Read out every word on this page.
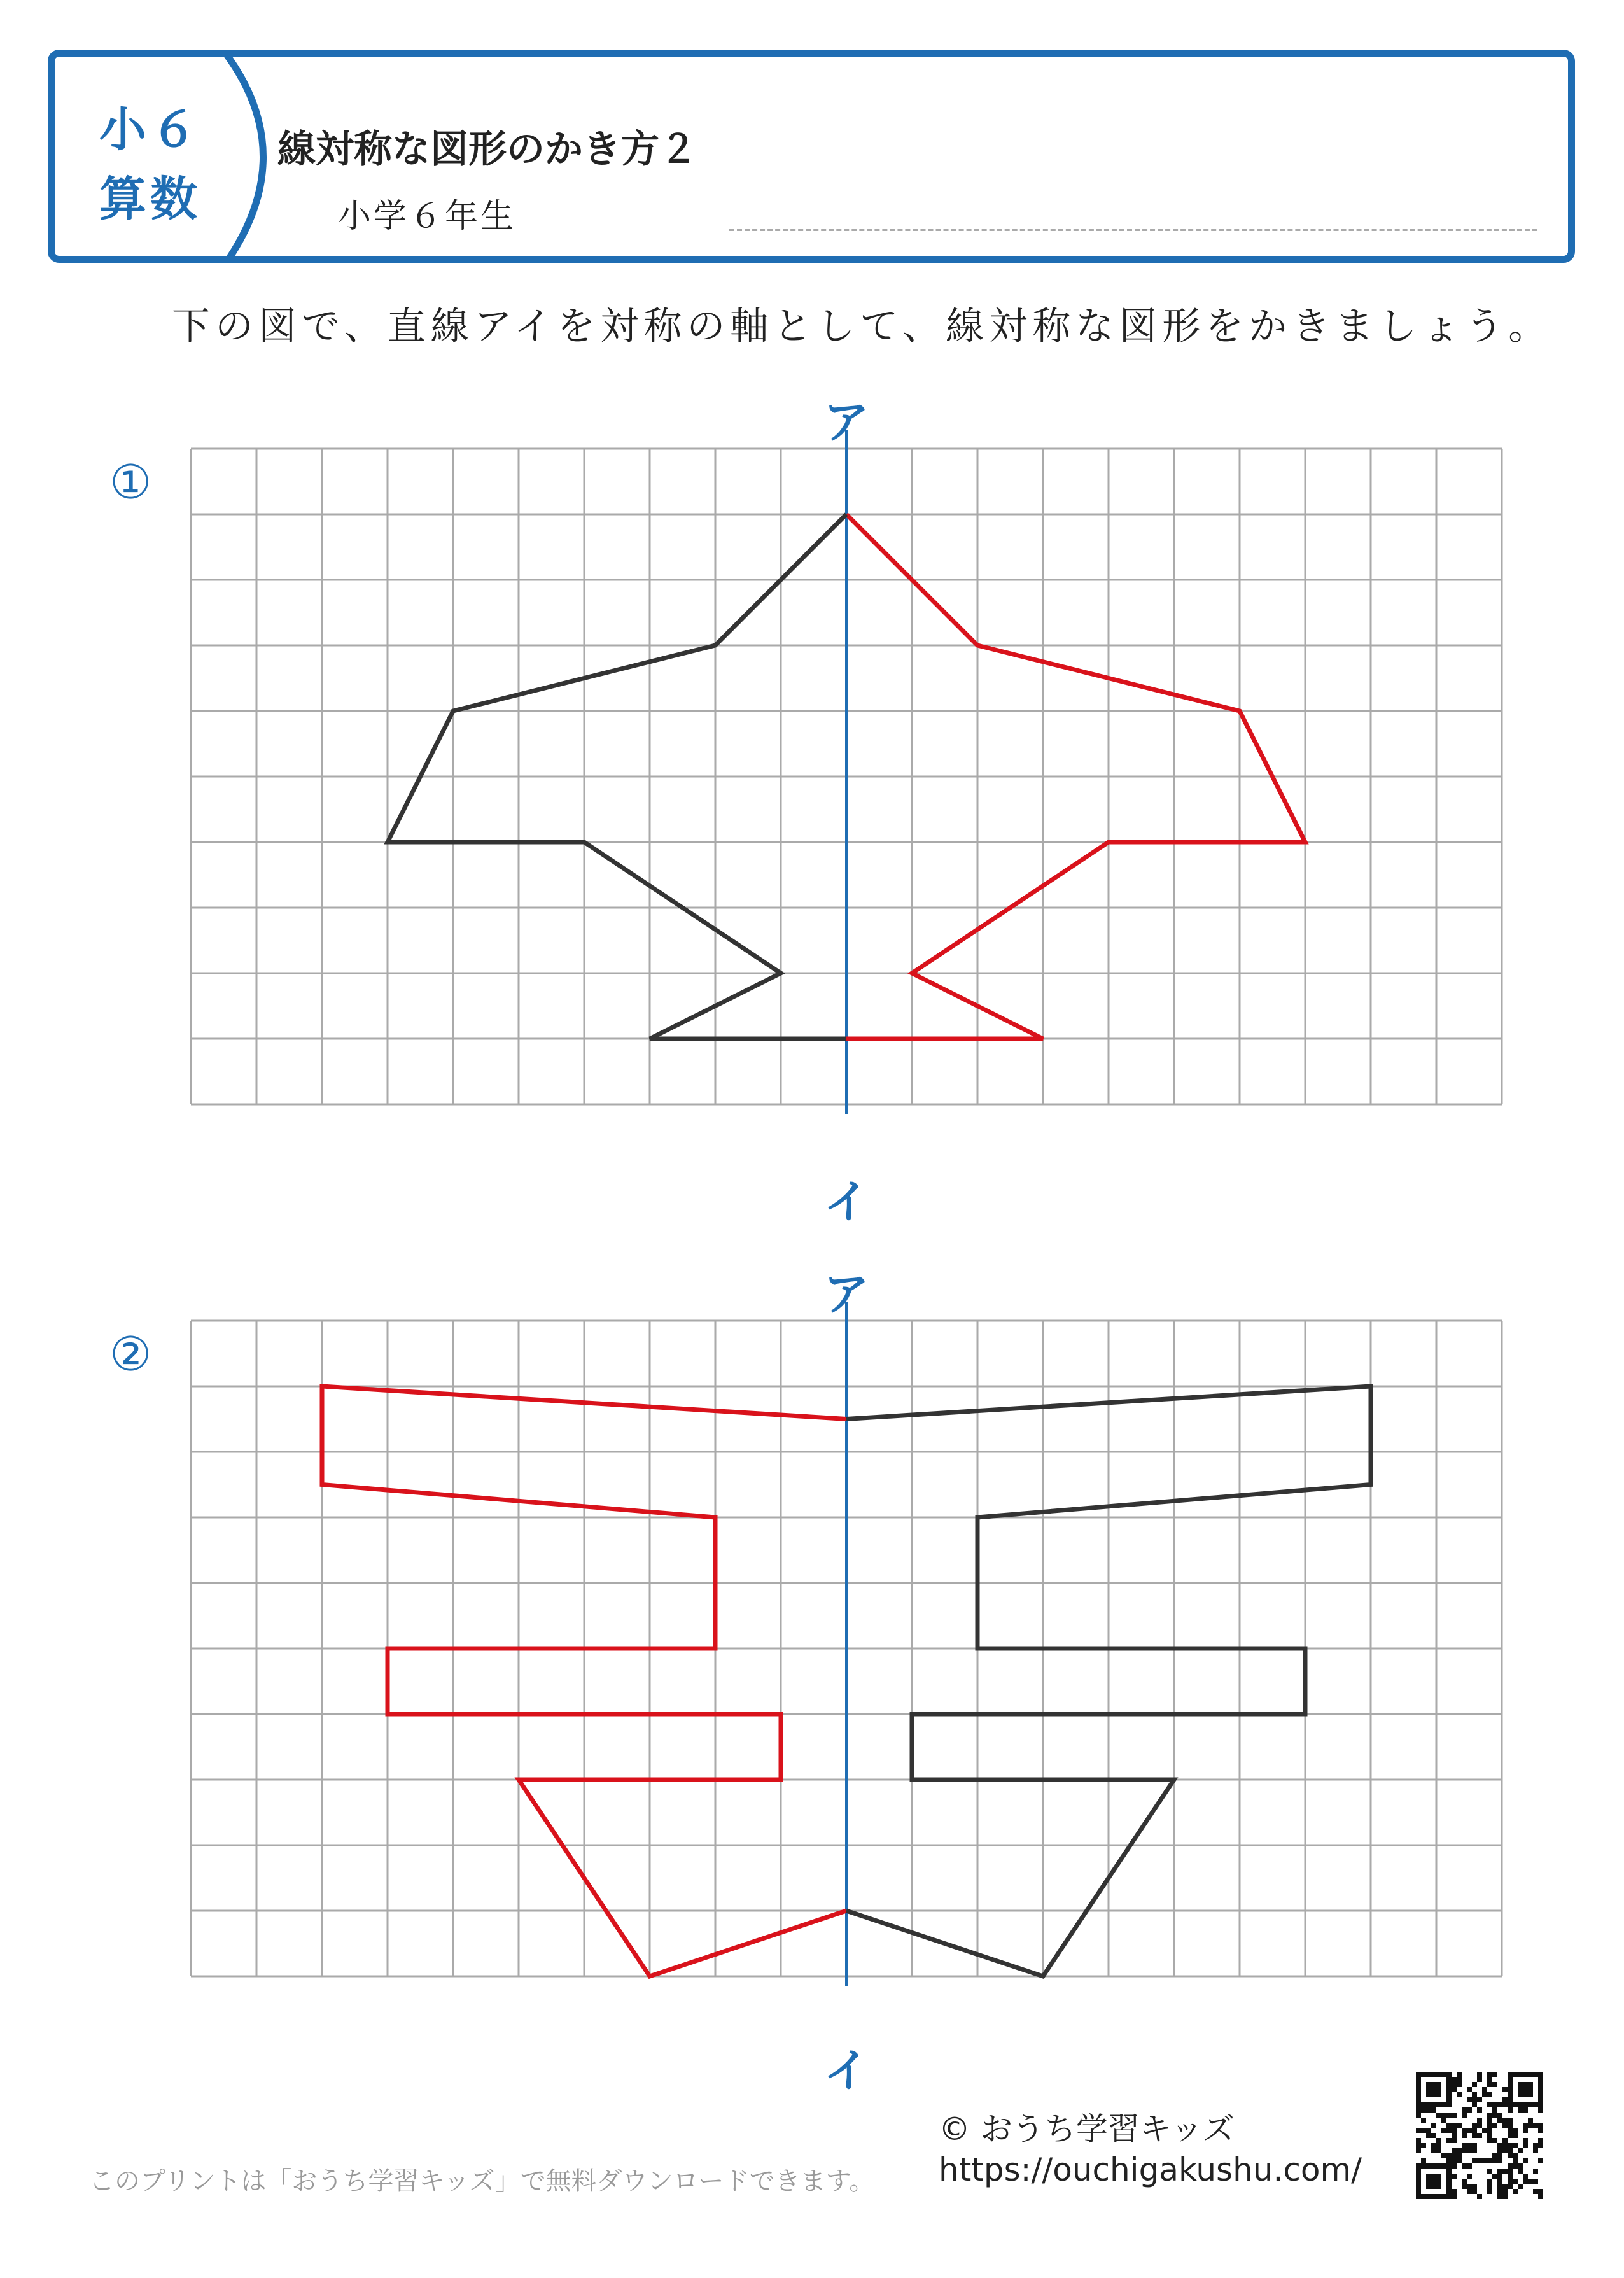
小６
算数
線対称な図形のかき方２
小学６年生
下の図で、直線アイを対称の軸として、線対称な図形をかきましょう。
①
ア
イ
②
ア
イ
このプリントは「おうち学習キッズ」で無料ダウンロードできます。
© おうち学習キッズ
https://ouchigakushu.com/
